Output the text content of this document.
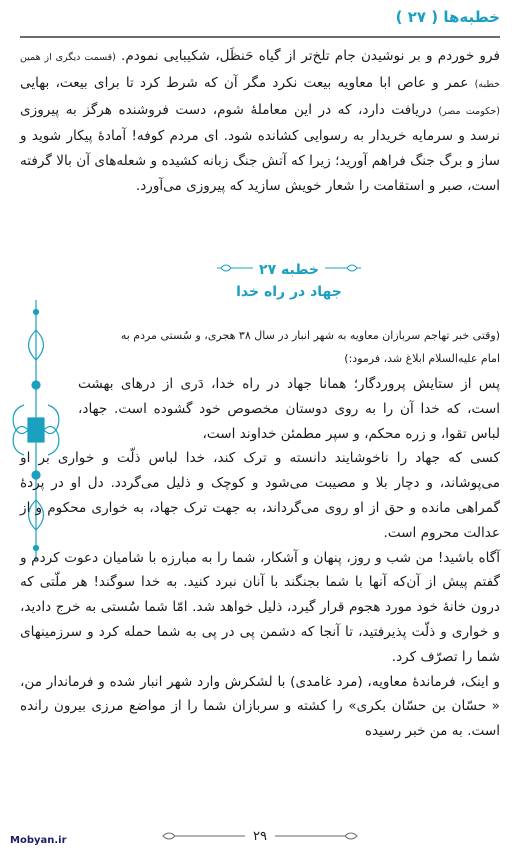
خطبه‌ها ( ٢٧ )

فرو خوردم و بر نوشیدن جام تلخ‌تر از گیاه حَنظَل، شکیبایی نمودم. (قسمت دیگری از همین خطبه) عمر و عاص ابا معاویه بیعت نکرد مگر آن که شرط کرد تا برای بیعت، بهایی (حکومت مصر) دریافت دارد، که در این معاملۀ شوم، دست فروشنده هرگز به پیروزی نرسد و سرمایه خریدار به رسوایی کشانده شود. ای مردم کوفه! آمادۀ پیکار شوید و ساز و برگ جنگ فراهم آورید؛ زیرا که آتش جنگ زبانه کشیده و شعله‌های آن بالا گرفته است، صبر و استقامت را شعار خویش سازید که پیروزی می‌آورد.

خطبه ٢٧
جهاد در راه خدا

(وقتی خبر تهاجم سربازان معاویه به شهر انبار در سال ٣٨ هجری، و سُستی مردم به
امام عليه‌السلام ابلاغ شد، فرمود:)

پس از ستایش پروردگار؛ همانا جهاد در راه خدا، دَری از درهای بهشت است، که خدا آن را به روی دوستان مخصوص خود گشوده است. جهاد، لباس تقوا، و زره محکم، و سپر مطمئن خداوند است،

کسی که جهاد را ناخوشایند دانسته و ترک کند، خدا لباس ذلّت و خواری بر او می‌پوشاند، و دچار بلا و مصیبت می‌شود و کوچک و ذلیل می‌گردد. دل او در پردۀ گمراهی مانده و حق از او روی می‌گرداند، به جهت ترک جهاد، به خواری محکوم و از عدالت محروم است.

آگاه باشید! من شب و روز، پنهان و آشکار، شما را به مبارزه با شامیان دعوت کردم و گفتم پیش از آن‌که آنها با شما بجنگند با آنان نبرد کنید. به خدا سوگند! هر ملّتی که درون خانۀ خود مورد هجوم قرار گیرد، ذلیل خواهد شد. امّا شما سُستی به خرج دادید، و خواری و ذلّت پذیرفتید، تا آنجا که دشمن پی در پی به شما حمله کرد و سرزمینهای شما را تصرّف کرد.

و اینک، فرماندۀ معاویه، (مرد غامدی) با لشکرش وارد شهر انبار شده و فرماندار من، « حسّان بن حسّان بکری» را کشته و سربازان شما را از مواضع مرزی بیرون رانده است. به من خبر رسیده

٢٩
Mobyan.ir
